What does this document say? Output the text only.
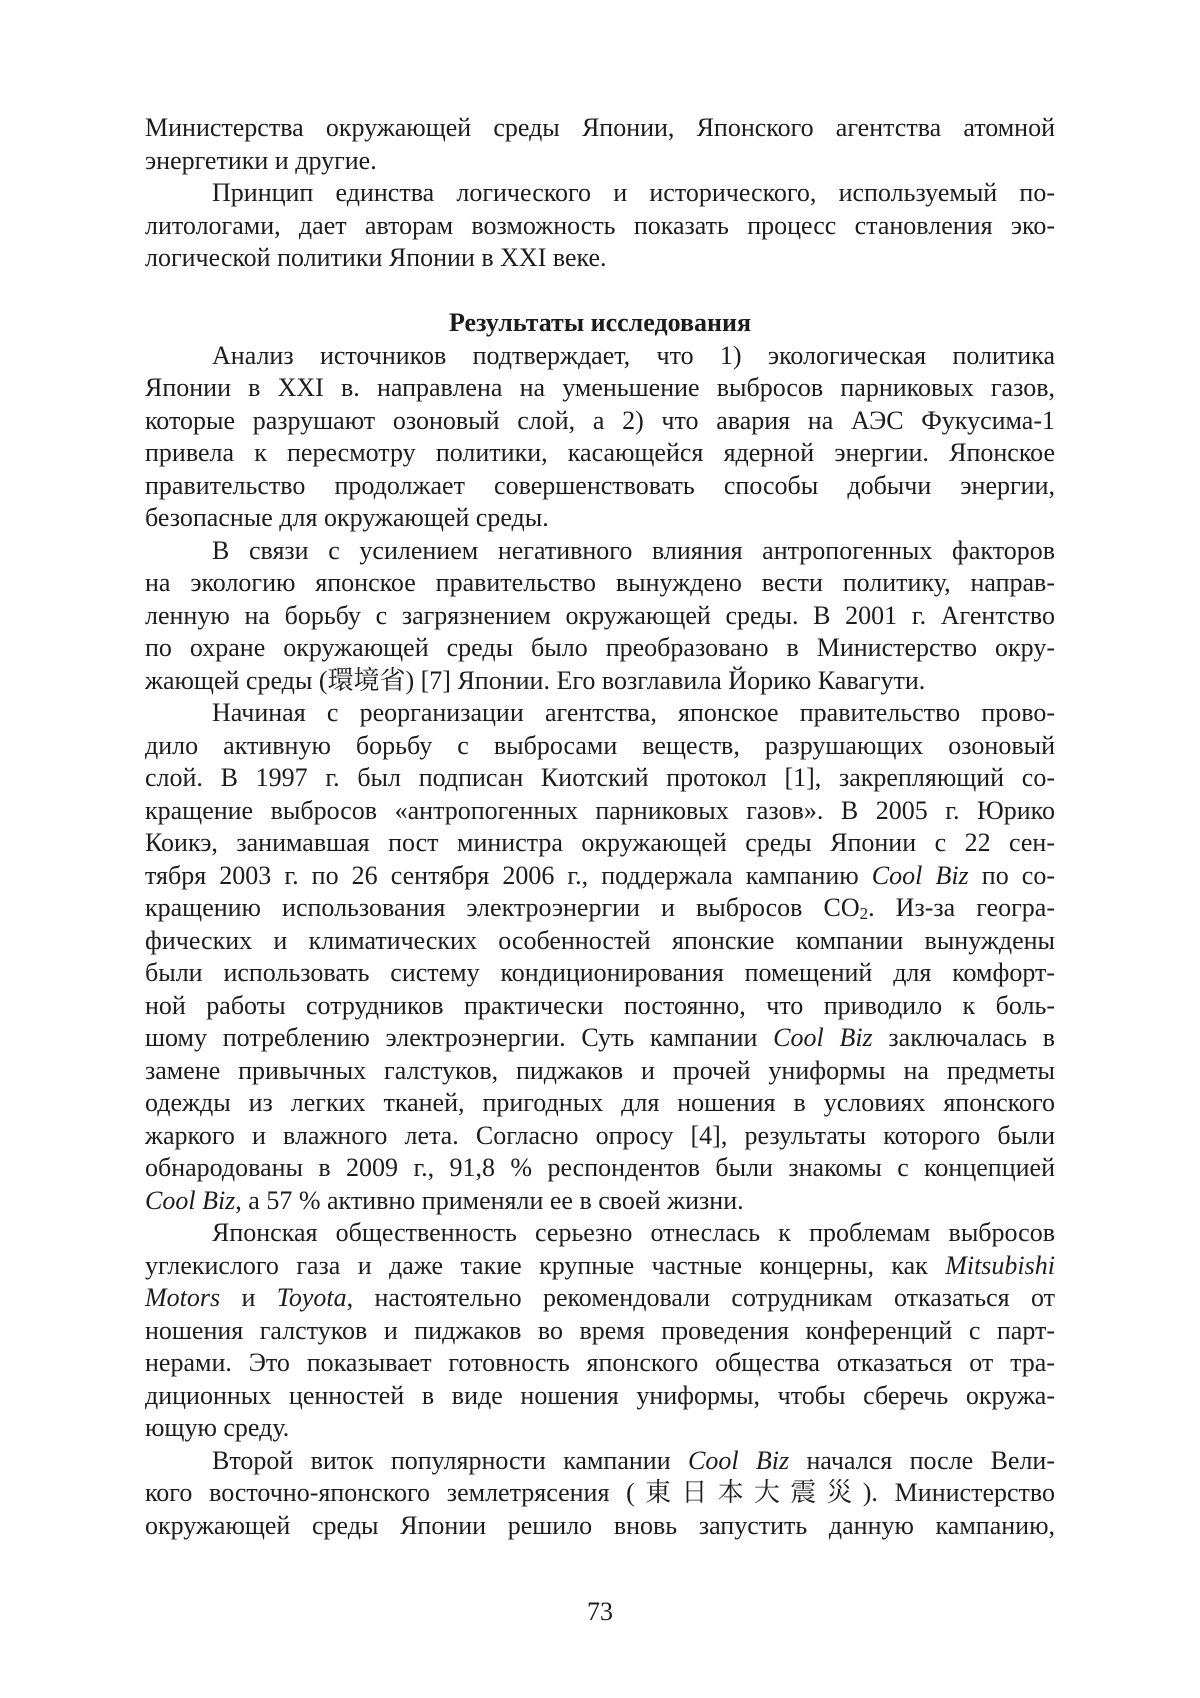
Министерства окружающей среды Японии, Японского агентства атомной
энергетики и другие.
Принцип единства логического и исторического, используемый по-
литологами, дает авторам возможность показать процесс становления эко-
логической политики Японии в XXI веке.
Результаты исследования
Анализ источников подтверждает, что 1) экологическая политика
Японии в XXI в. направлена на уменьшение выбросов парниковых газов,
которые разрушают озоновый слой, а 2) что авария на АЭС Фукусима-1
привела к пересмотру политики, касающейся ядерной энергии. Японское
правительство продолжает совершенствовать способы добычи энергии,
безопасные для окружающей среды.
В связи с усилением негативного влияния антропогенных факторов
на экологию японское правительство вынуждено вести политику, направ-
ленную на борьбу с загрязнением окружающей среды. В 2001 г. Агентство
по охране окружающей среды было преобразовано в Министерство окру-
жающей среды (環境省) [7] Японии. Его возглавила Йорико Кавагути.
Начиная с реорганизации агентства, японское правительство прово-
дило активную борьбу с выбросами веществ, разрушающих озоновый
слой. В 1997 г. был подписан Киотский протокол [1], закрепляющий со-
кращение выбросов «антропогенных парниковых газов». В 2005 г. Юрико
Коикэ, занимавшая пост министра окружающей среды Японии с 22 сен-
тября 2003 г. по 26 сентября 2006 г., поддержала кампанию Cool Biz по со-
кращению использования электроэнергии и выбросов CO2. Из-за геогра-
фических и климатических особенностей японские компании вынуждены
были использовать систему кондиционирования помещений для комфорт-
ной работы сотрудников практически постоянно, что приводило к боль-
шому потреблению электроэнергии. Суть кампании Cool Biz заключалась в
замене привычных галстуков, пиджаков и прочей униформы на предметы
одежды из легких тканей, пригодных для ношения в условиях японского
жаркого и влажного лета. Согласно опросу [4], результаты которого были
обнародованы в 2009 г., 91,8 % респондентов были знакомы с концепцией
Cool Biz, а 57 % активно применяли ее в своей жизни.
Японская общественность серьезно отнеслась к проблемам выбросов
углекислого газа и даже такие крупные частные концерны, как Mitsubishi
Motors и Toyota, настоятельно рекомендовали сотрудникам отказаться от
ношения галстуков и пиджаков во время проведения конференций с парт-
нерами. Это показывает готовность японского общества отказаться от тра-
диционных ценностей в виде ношения униформы, чтобы сберечь окружа-
ющую среду.
Второй виток популярности кампании Cool Biz начался после Вели-
кого восточно-японского землетрясения (東日本大震災). Министерство
окружающей среды Японии решило вновь запустить данную кампанию,
73
